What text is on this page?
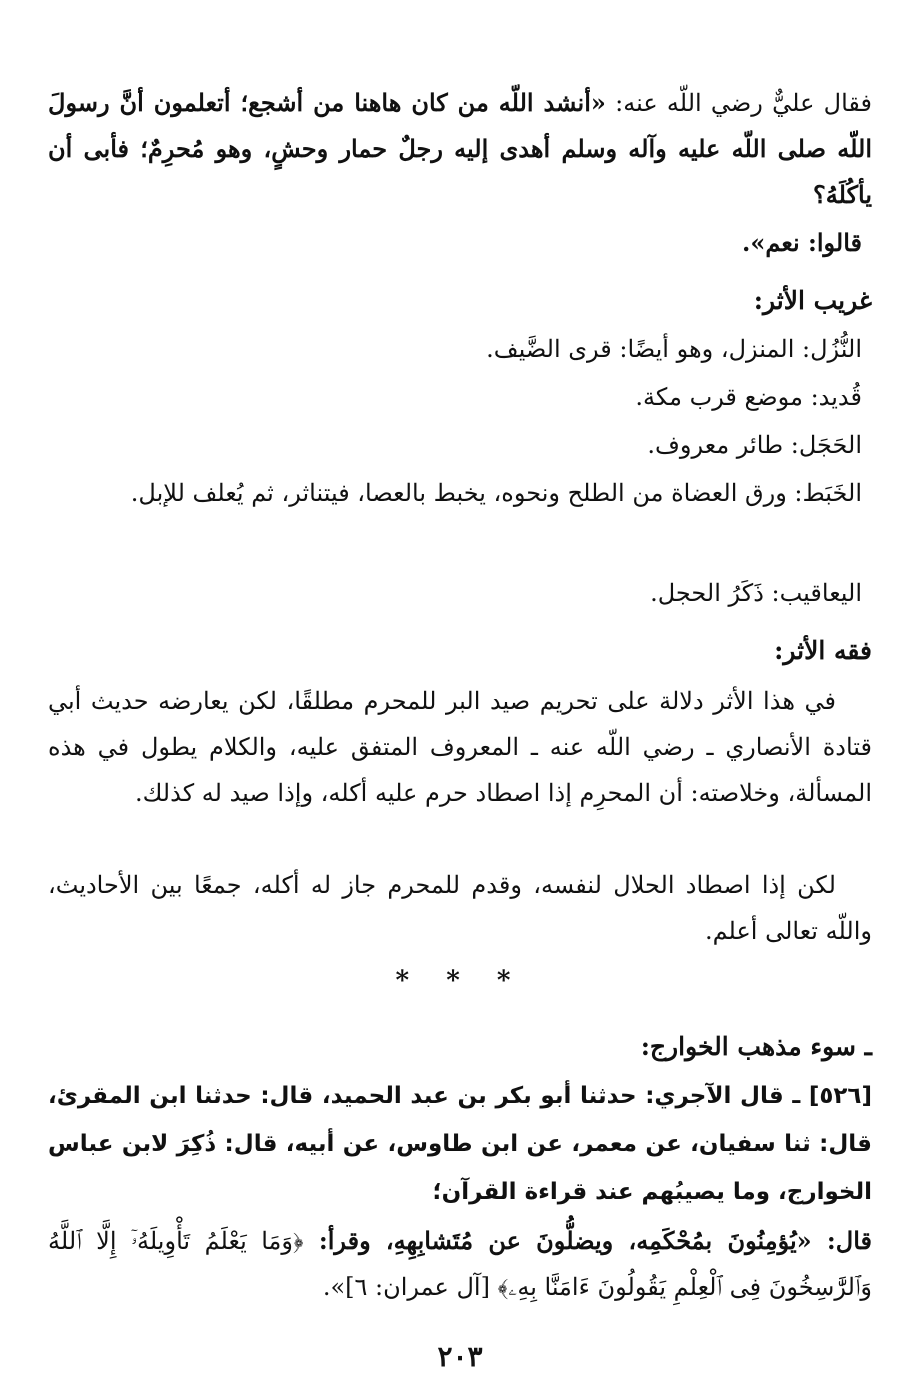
فقال عليٌّ رضي اللّه عنه: «أنشد اللّه من كان هاهنا من أشجع؛ أتعلمون أنَّ رسولَ اللّه صلى اللّه عليه وآله وسلم أهدى إليه رجلٌ حمار وحشٍ، وهو مُحرِمٌ؛ فأبى أن يأكُلَهُ؟
قالوا: نعم».
غريب الأثر:
النُّزُل: المنزل، وهو أيضًا: قرى الضَّيف.
قُديد: موضع قرب مكة.
الحَجَل: طائر معروف.
الخَبَط: ورق العضاة من الطلح ونحوه، يخبط بالعصا، فيتناثر، ثم يُعلف للإبل.
اليعاقيب: ذَكَرُ الحجل.
فقه الأثر:
في هذا الأثر دلالة على تحريم صيد البر للمحرم مطلقًا، لكن يعارضه حديث أبي قتادة الأنصاري ـ رضي اللّه عنه ـ المعروف المتفق عليه، والكلام يطول في هذه المسألة، وخلاصته: أن المحرِم إذا اصطاد حرم عليه أكله، وإذا صيد له كذلك.
لكن إذا اصطاد الحلال لنفسه، وقدم للمحرم جاز له أكله، جمعًا بين الأحاديث، واللّه تعالى أعلم.
* * *
ـ سوء مذهب الخوارج:
[٥٢٦] ـ قال الآجري: حدثنا أبو بكر بن عبد الحميد، قال: حدثنا ابن المقرئ، قال: ثنا سفيان، عن معمر، عن ابن طاوس، عن أبيه، قال: ذُكِرَ لابن عباس الخوارج، وما يصيبُهم عند قراءة القرآن؛
قال: «يُؤمِنُونَ بمُحْكَمِه، ويضلُّونَ عن مُتَشابِهِهِ، وقرأ: ﴿وَمَا يَعْلَمُ تَأْوِيلَهُۥٓ إِلَّا ٱللَّهُ وَٱلرَّٰسِخُونَ فِى ٱلْعِلْمِ يَقُولُونَ ءَامَنَّا بِهِۦ﴾ [آل عمران: ٦]».
٢٠٣
